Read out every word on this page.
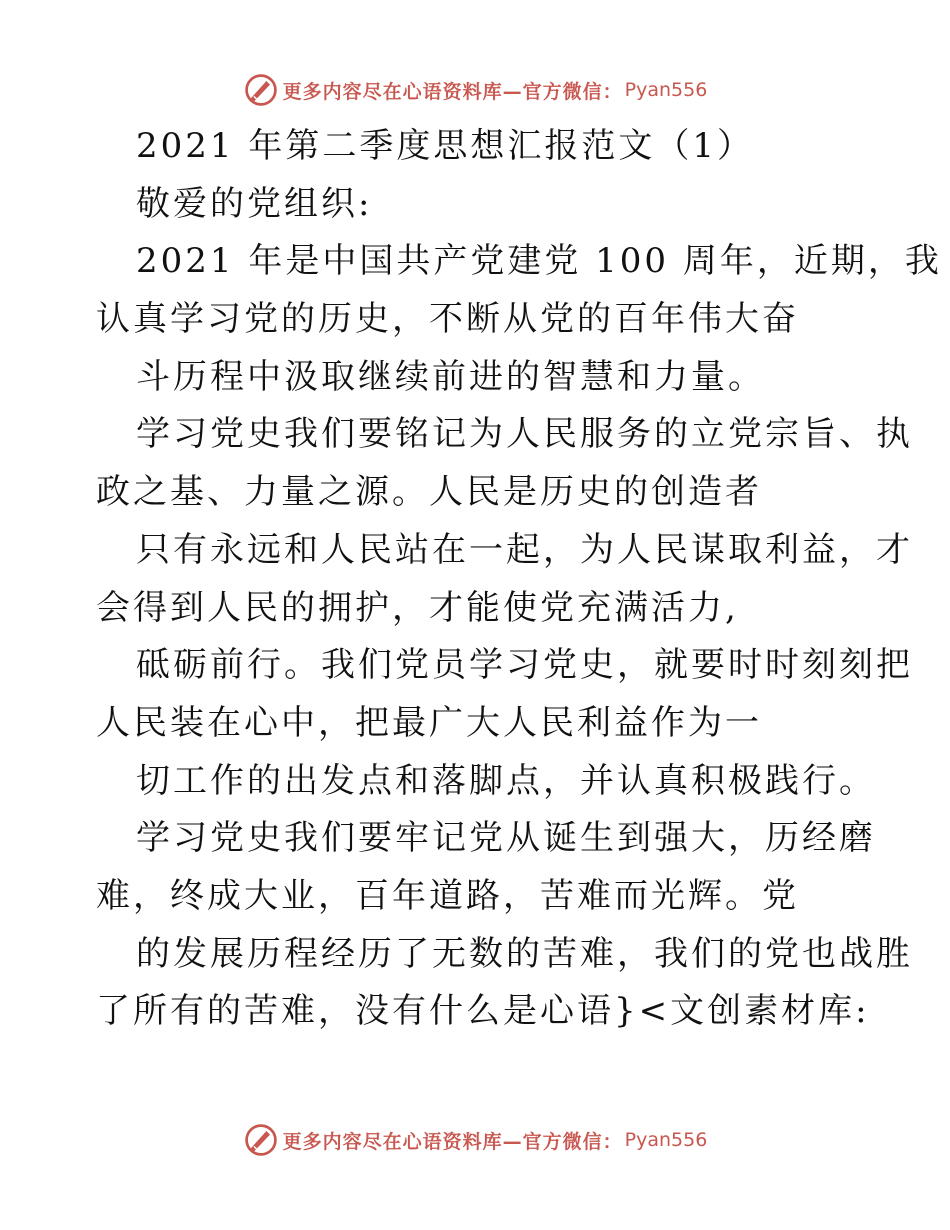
更多内容尽在心语资料库—官方微信： Pyan556
2021 年第二季度思想汇报范文（1）
敬爱的党组织:
2021 年是中国共产党建党 100 周年，近期，我
认真学习党的历史，不断从党的百年伟大奋
斗历程中汲取继续前进的智慧和力量。
学习党史我们要铭记为人民服务的立党宗旨、执
政之基、力量之源。人民是历史的创造者
只有永远和人民站在一起，为人民谋取利益，才
会得到人民的拥护，才能使党充满活力,
砥砺前行。我们党员学习党史，就要时时刻刻把
人民装在心中，把最广大人民利益作为一
切工作的出发点和落脚点，并认真积极践行。
学习党史我们要牢记党从诞生到强大，历经磨
难，终成大业，百年道路，苦难而光辉。党
的发展历程经历了无数的苦难，我们的党也战胜
了所有的苦难，没有什么是心语}<文创素材库:
更多内容尽在心语资料库—官方微信： Pyan556
